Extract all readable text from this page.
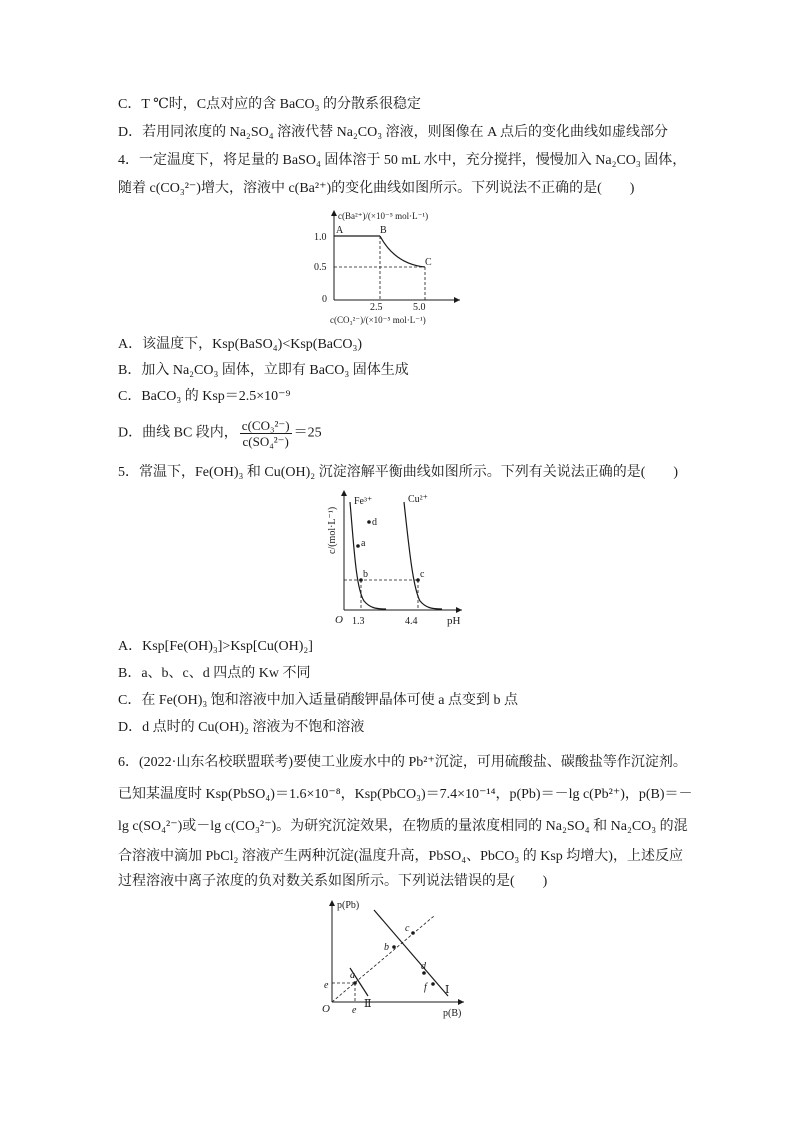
C．T ℃时，C点对应的含 BaCO₃ 的分散系很稳定
D．若用同浓度的 Na₂SO₄ 溶液代替 Na₂CO₃ 溶液，则图像在 A 点后的变化曲线如虚线部分
4．一定温度下，将足量的 BaSO₄ 固体溶于 50 mL 水中，充分搅拌，慢慢加入 Na₂CO₃ 固体，
随着 c(CO₃²⁻)增大，溶液中 c(Ba²⁺)的变化曲线如图所示。下列说法不正确的是(　　)
c(Ba²⁺)/(×10⁻⁵ mol·L⁻¹)
c(CO₃²⁻)/(×10⁻⁵ mol·L⁻¹)
1.0
0.5
0
2.5	5.0
A	B
C
A．该温度下，Ksp(BaSO₄)<Ksp(BaCO₃)
B．加入 Na₂CO₃ 固体，立即有 BaCO₃ 固体生成
C．BaCO₃ 的 Ksp＝2.5×10⁻⁹
D．曲线 BC 段内， $\frac{\text{c(CO₃²⁻)}}{\text{c(SO₄²⁻)}} =25$
5．常温下，Fe(OH)₃ 和 Cu(OH)₂ 沉淀溶解平衡曲线如图所示。下列有关说法正确的是(　　)
c/(mol·L⁻¹)
O	pH
1.3	4.4
Fe³⁺	Cu²⁺
d
a
b	c
A．Ksp[Fe(OH)₃]>Ksp[Cu(OH)₂]
B．a、b、c、d 四点的 Kw 不同
C．在 Fe(OH)₃ 饱和溶液中加入适量硝酸钾晶体可使 a 点变到 b 点
D．d 点时的 Cu(OH)₂ 溶液为不饱和溶液
6．(2022·山东名校联盟联考)要使工业废水中的 Pb²⁺沉淀，可用硫酸盐、碳酸盐等作沉淀剂。
已知某温度时 Ksp(PbSO₄)＝1.6×10⁻⁸，Ksp(PbCO₃)＝7.4×10⁻¹⁴，p(Pb)＝－lg c(Pb²⁺)，p(B)＝－
lg c(SO₄²⁻)或－lg c(CO₃²⁻)。为研究沉淀效果，在物质的量浓度相同的 Na₂SO₄ 和 Na₂CO₃ 的混
合溶液中滴加 PbCl₂ 溶液产生两种沉淀(温度升高，PbSO₄、PbCO₃ 的 Ksp 均增大)，上述反应
过程溶液中离子浓度的负对数关系如图所示。下列说法错误的是(　　)
p(Pb)
p(B)
O
e
e
c
b
d
f
a
Ⅰ
Ⅱ
